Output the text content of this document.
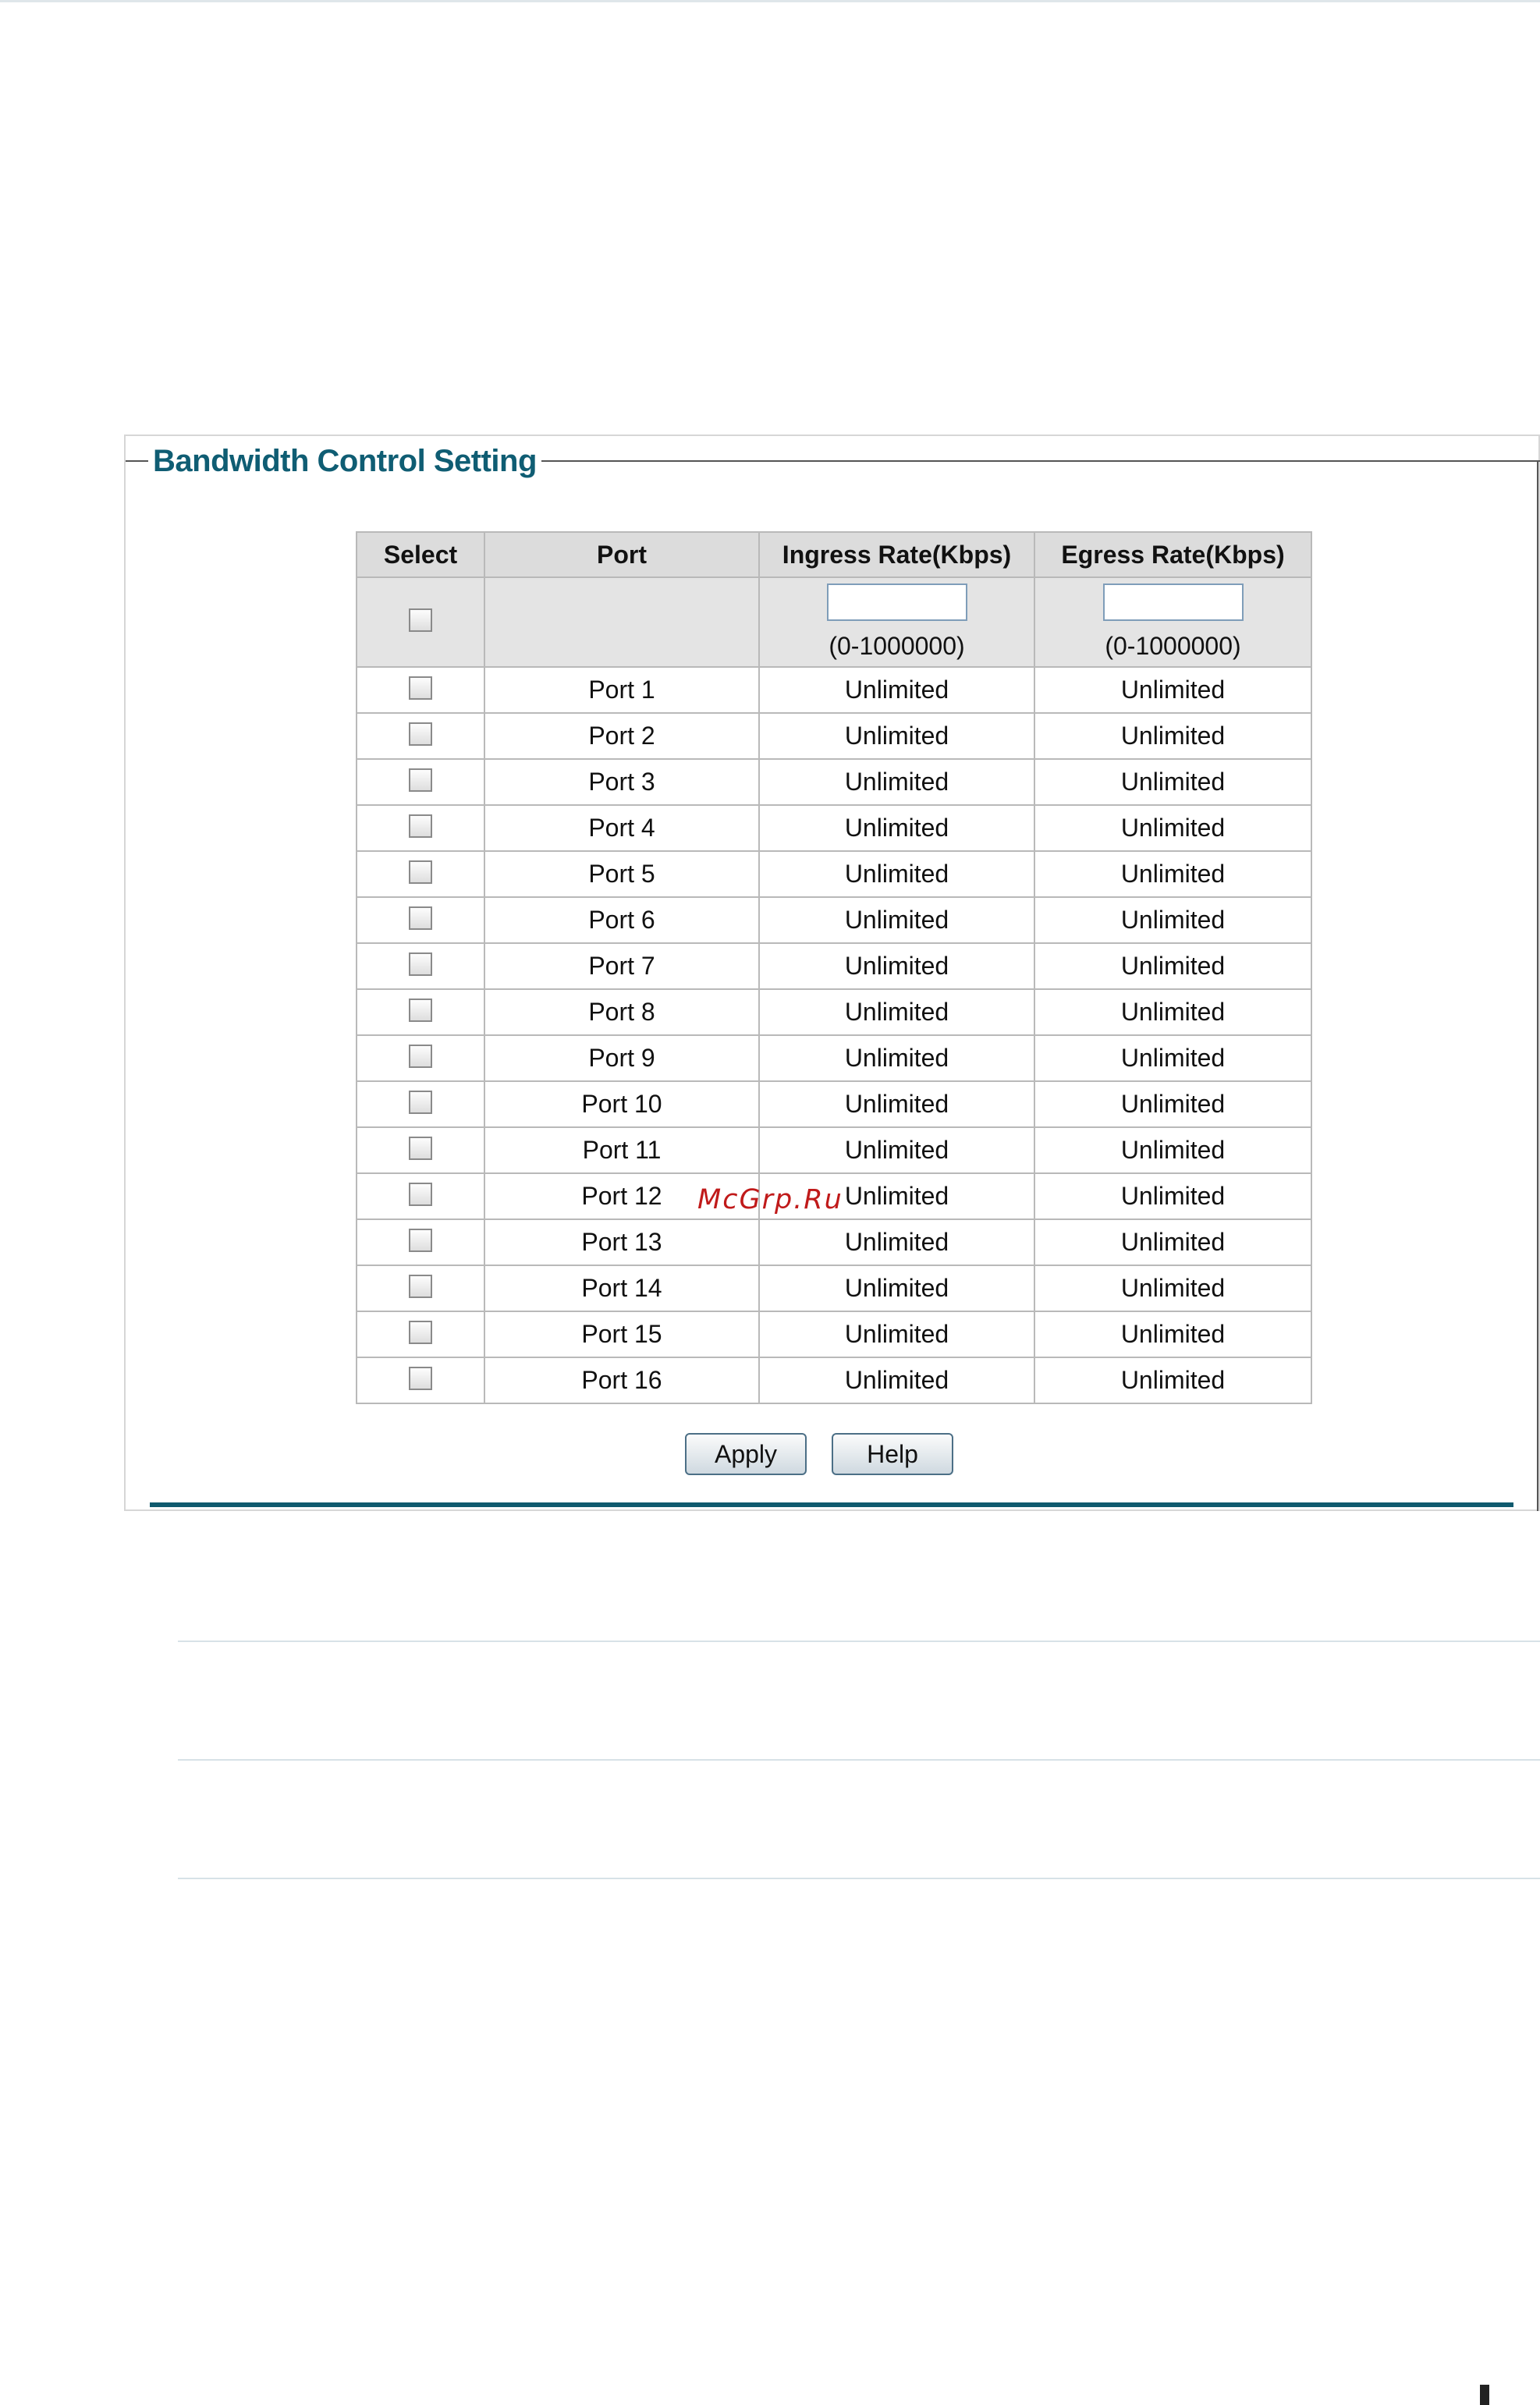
Bandwidth Control Setting
Select	Port	Ingress Rate(Kbps)	Egress Rate(Kbps)

		(0-1000000)	(0-1000000)

	Port 1	Unlimited	Unlimited
	Port 2	Unlimited	Unlimited
	Port 3	Unlimited	Unlimited
	Port 4	Unlimited	Unlimited
	Port 5	Unlimited	Unlimited
	Port 6	Unlimited	Unlimited
	Port 7	Unlimited	Unlimited
	Port 8	Unlimited	Unlimited
	Port 9	Unlimited	Unlimited
	Port 10	Unlimited	Unlimited
	Port 11	Unlimited	Unlimited
	Port 12	Unlimited	Unlimited
	Port 13	Unlimited	Unlimited
	Port 14	Unlimited	Unlimited
	Port 15	Unlimited	Unlimited
	Port 16	Unlimited	Unlimited
Apply	Help
McGrp.Ru
